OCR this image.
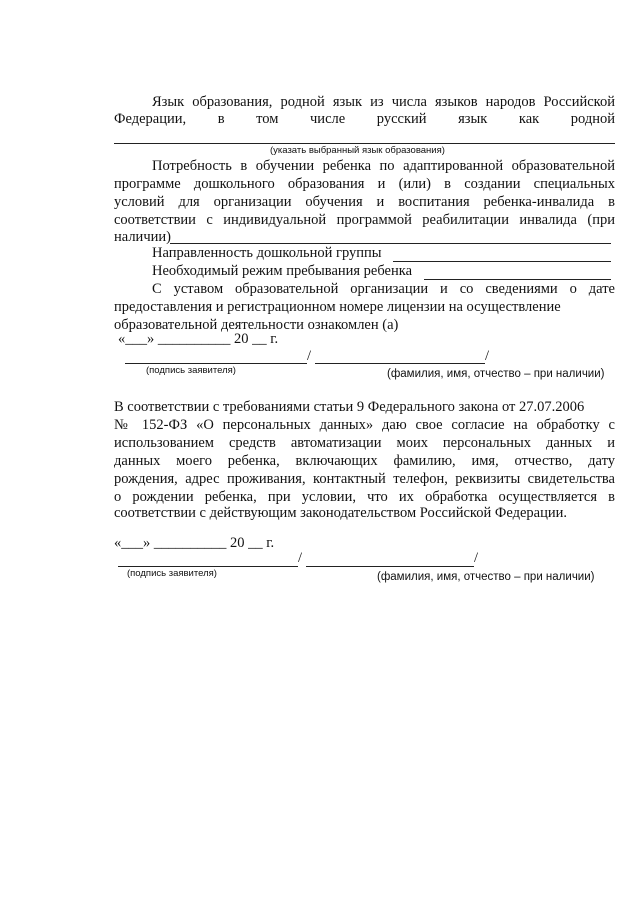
Язык образования, родной язык из числа языков народов Российской
Федерации, в том числе русский язык как родной
(указать выбранный язык образования)
Потребность в обучении ребенка по адаптированной образовательной
программе дошкольного образования и (или) в создании специальных
условий для организации обучения и воспитания ребенка-инвалида в
соответствии с индивидуальной программой реабилитации инвалида (при
наличии)
Направленность дошкольной группы
Необходимый режим пребывания ребенка
С уставом образовательной организации и со сведениями о дате
предоставления и регистрационном номере лицензии на осуществление
образовательной деятельности ознакомлен (а)
«___» __________ 20 __ г.
/	/
(подпись заявителя)	(фамилия, имя, отчество – при наличии)
В соответствии с требованиями статьи 9 Федерального закона от 27.07.2006
№ 152-ФЗ «О персональных данных» даю свое согласие на обработку с
использованием средств автоматизации моих персональных данных и
данных моего ребенка, включающих фамилию, имя, отчество, дату
рождения, адрес проживания, контактный телефон, реквизиты свидетельства
о рождении ребенка, при условии, что их обработка осуществляется в
соответствии с действующим законодательством Российской Федерации.
«___» __________ 20 __ г.
/	/
(подпись заявителя)	(фамилия, имя, отчество – при наличии)
